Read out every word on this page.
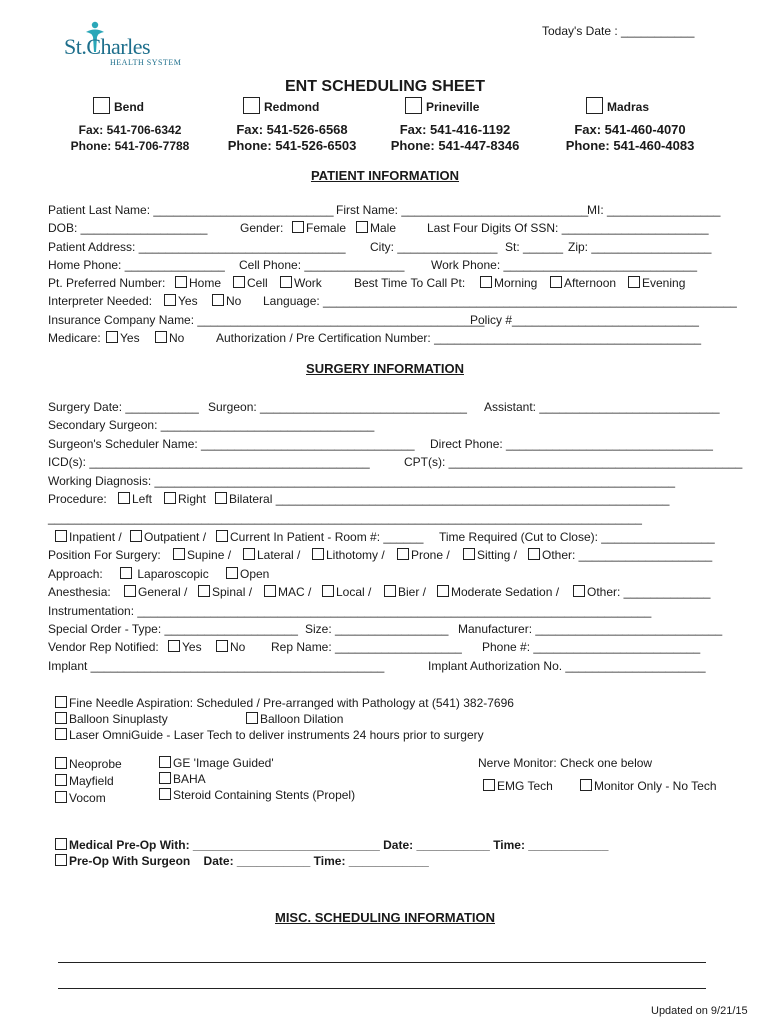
Today's Date : ___________
St.Charles
HEALTH SYSTEM
ENT SCHEDULING SHEET
Bend	Redmond	Prineville	Madras
Fax: 541-706-6342
Phone: 541-706-7788
Fax: 541-526-6568
Phone: 541-526-6503
Fax: 541-416-1192
Phone: 541-447-8346
Fax: 541-460-4070
Phone: 541-460-4083
PATIENT INFORMATION
Patient Last Name: ___________________________ First Name: ____________________________
MI: _________________
DOB: ___________________	Gender:	Female	Male	Last Four Digits Of SSN: ______________________
Patient Address: _______________________________ City: _______________ St: ______ Zip: __________________
Home Phone: _______________ Cell Phone: _______________ Work Phone: _____________________________
Pt. Preferred Number:	Home	Cell	Work	Best Time To Call Pt:	Morning	Afternoon	Evening
Interpreter Needed:	Yes	No Language: ______________________________________________________________
Insurance Company Name: ___________________________________________
Policy #____________________________
Medicare:	Yes	No	Authorization / Pre Certification Number: ________________________________________
SURGERY INFORMATION
Surgery Date: ___________ Surgeon: _______________________________ Assistant: ___________________________
Secondary Surgeon: ________________________________
Surgeon's Scheduler Name: ________________________________ Direct Phone: _______________________________
ICD(s): __________________________________________	CPT(s): ____________________________________________
Working Diagnosis: ______________________________________________________________________________
Procedure:	Left	Right	Bilateral ___________________________________________________________
_________________________________________________________________________________________
Inpatient /	Outpatient /	Current In Patient - Room #: ______ Time Required (Cut to Close): _________________
Position For Surgery:	Supine /	Lateral /	Lithotomy /	Prone /	Sitting /	Other: ____________________
Approach:	Laparoscopic	Open
Anesthesia:	General /	Spinal /	MAC /	Local /	Bier /	Moderate Sedation /	Other: _____________
Instrumentation: _____________________________________________________________________________
Special Order - Type: ____________________ Size: _________________ Manufacturer: ____________________________
Vendor Rep Notified:	Yes	No Rep Name: ___________________ Phone #: _________________________
Implant ____________________________________________	Implant Authorization No. _____________________
Fine Needle Aspiration: Scheduled / Pre-arranged with Pathology at (541) 382-7696
Balloon Sinuplasty	Balloon Dilation
Laser OmniGuide - Laser Tech to deliver instruments 24 hours prior to surgery
Neoprobe
Mayfield
Vocom
GE 'Image Guided'
BAHA
Steroid Containing Stents (Propel)
Nerve Monitor: Check one below
EMG Tech	Monitor Only - No Tech
Medical Pre-Op With: ____________________________ Date: ___________ Time: ____________
Pre-Op With Surgeon    Date: ___________ Time: ____________
MISC. SCHEDULING INFORMATION
Updated on 9/21/15
